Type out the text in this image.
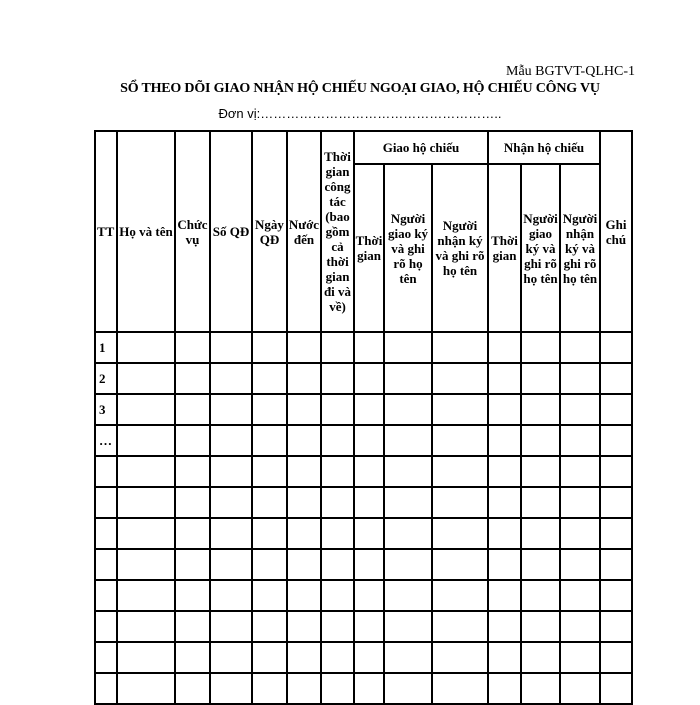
Mẫu BGTVT-QLHC-1
SỔ THEO DÕI GIAO NHẬN HỘ CHIẾU NGOẠI GIAO, HỘ CHIẾU CÔNG VỤ
Đơn vị:………………………………………………..
TT	Họ và tên	Chức vụ	Số QĐ	Ngày QĐ	Nước đến	Thời gian công tác (bao gồm cả thời gian đi và về)	Giao hộ chiếu			Nhận hộ chiếu			Ghi chú
							Thời gian	Người giao ký và ghi rõ họ tên	Người nhận ký và ghi rõ họ tên	Thời gian	Người giao ký và ghi rõ họ tên	Người nhận ký và ghi rõ họ tên	
1													
2													
3													
…													
